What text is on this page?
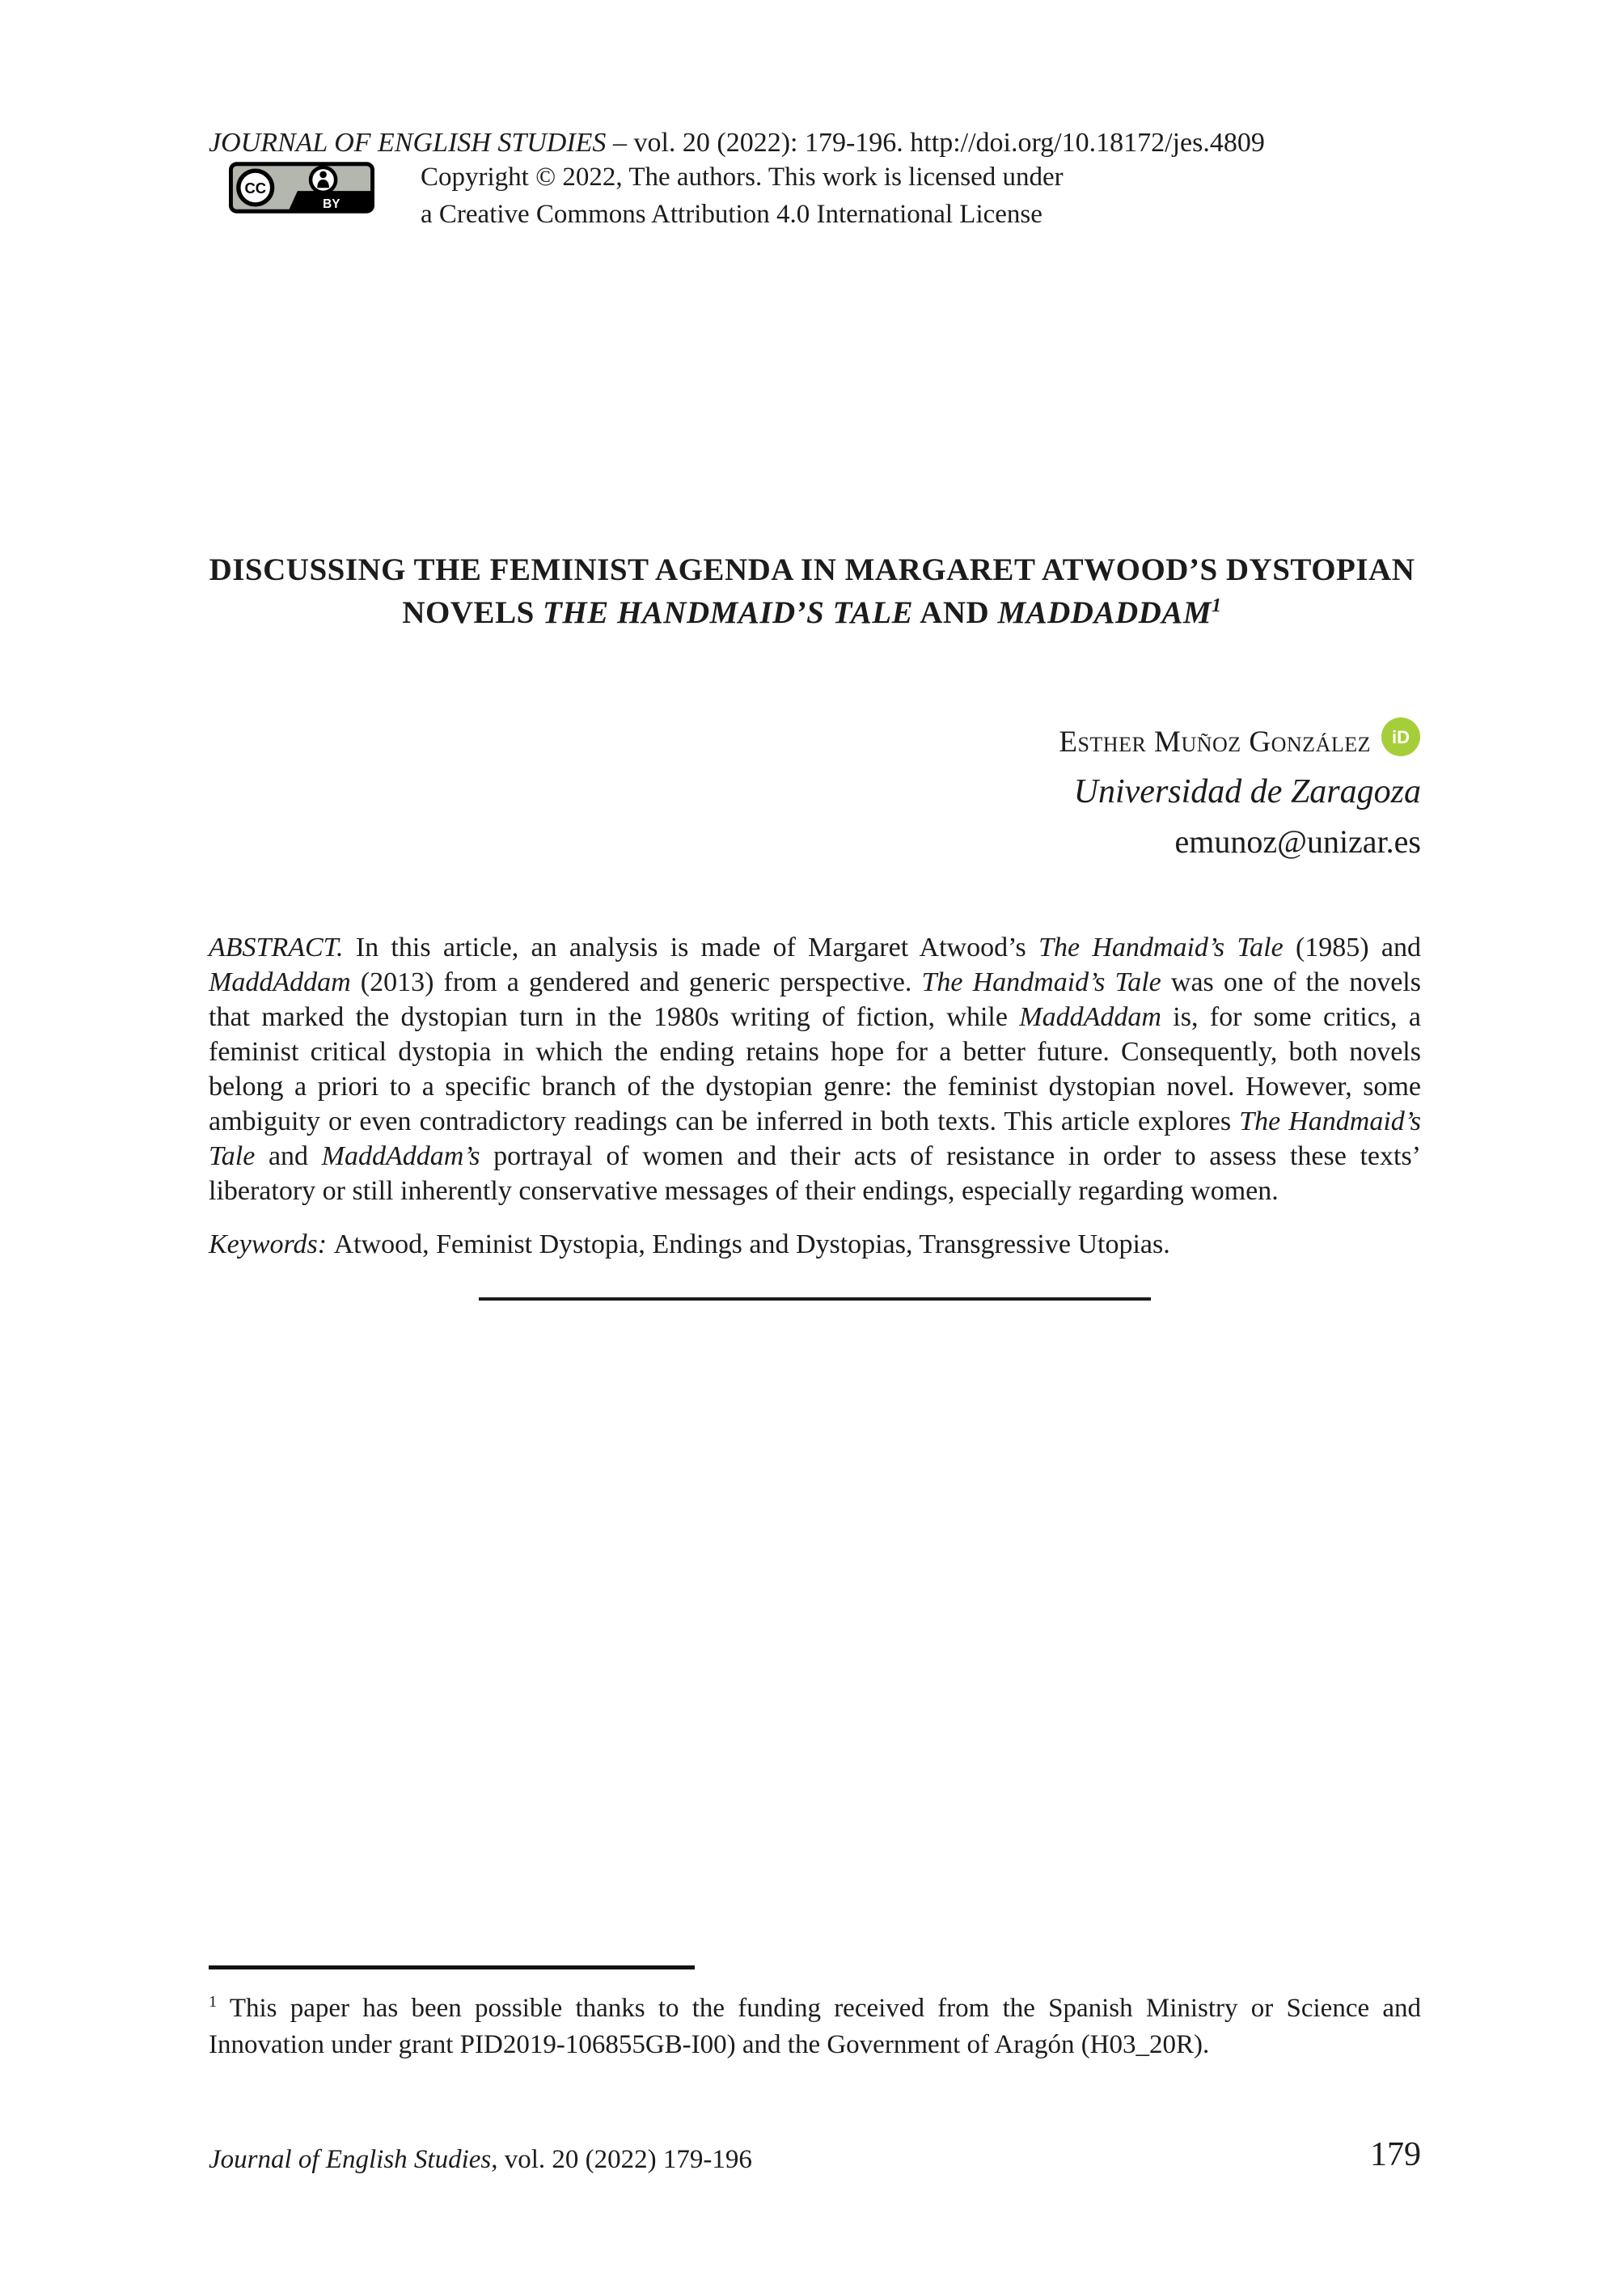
JOURNAL OF ENGLISH STUDIES – vol. 20 (2022): 179-196. http://doi.org/10.18172/jes.4809
CC
BY
Copyright © 2022, The authors. This work is licensed under
a Creative Commons Attribution 4.0 International License
DISCUSSING THE FEMINIST AGENDA IN MARGARET ATWOOD’S DYSTOPIAN
NOVELS THE HANDMAID’S TALE AND MADDADDAM$^1$
Esther Muñoz González iD
Universidad de Zaragoza
emunoz@unizar.es

ABSTRACT. In this article, an analysis is made of Margaret Atwood’s The Handmaid’s Tale (1985) and MaddAddam (2013) from a gendered and generic perspective. The Handmaid’s Tale was one of the novels that marked the dystopian turn in the 1980s writing of fiction, while MaddAddam is, for some critics, a feminist critical dystopia in which the ending retains hope for a better future. Consequently, both novels belong a priori to a specific branch of the dystopian genre: the feminist dystopian novel. However, some ambiguity or even contradictory readings can be inferred in both texts. This article explores The Handmaid’s Tale and MaddAddam’s portrayal of women and their acts of resistance in order to assess these texts’ liberatory or still inherently conservative messages of their endings, especially regarding women.

Keywords: Atwood, Feminist Dystopia, Endings and Dystopias, Transgressive Utopias.

$^1$ This paper has been possible thanks to the funding received from the Spanish Ministry or Science and Innovation under grant PID2019-106855GB-I00) and the Government of Aragón (H03_20R).

Journal of English Studies, vol. 20 (2022) 179-196	179
